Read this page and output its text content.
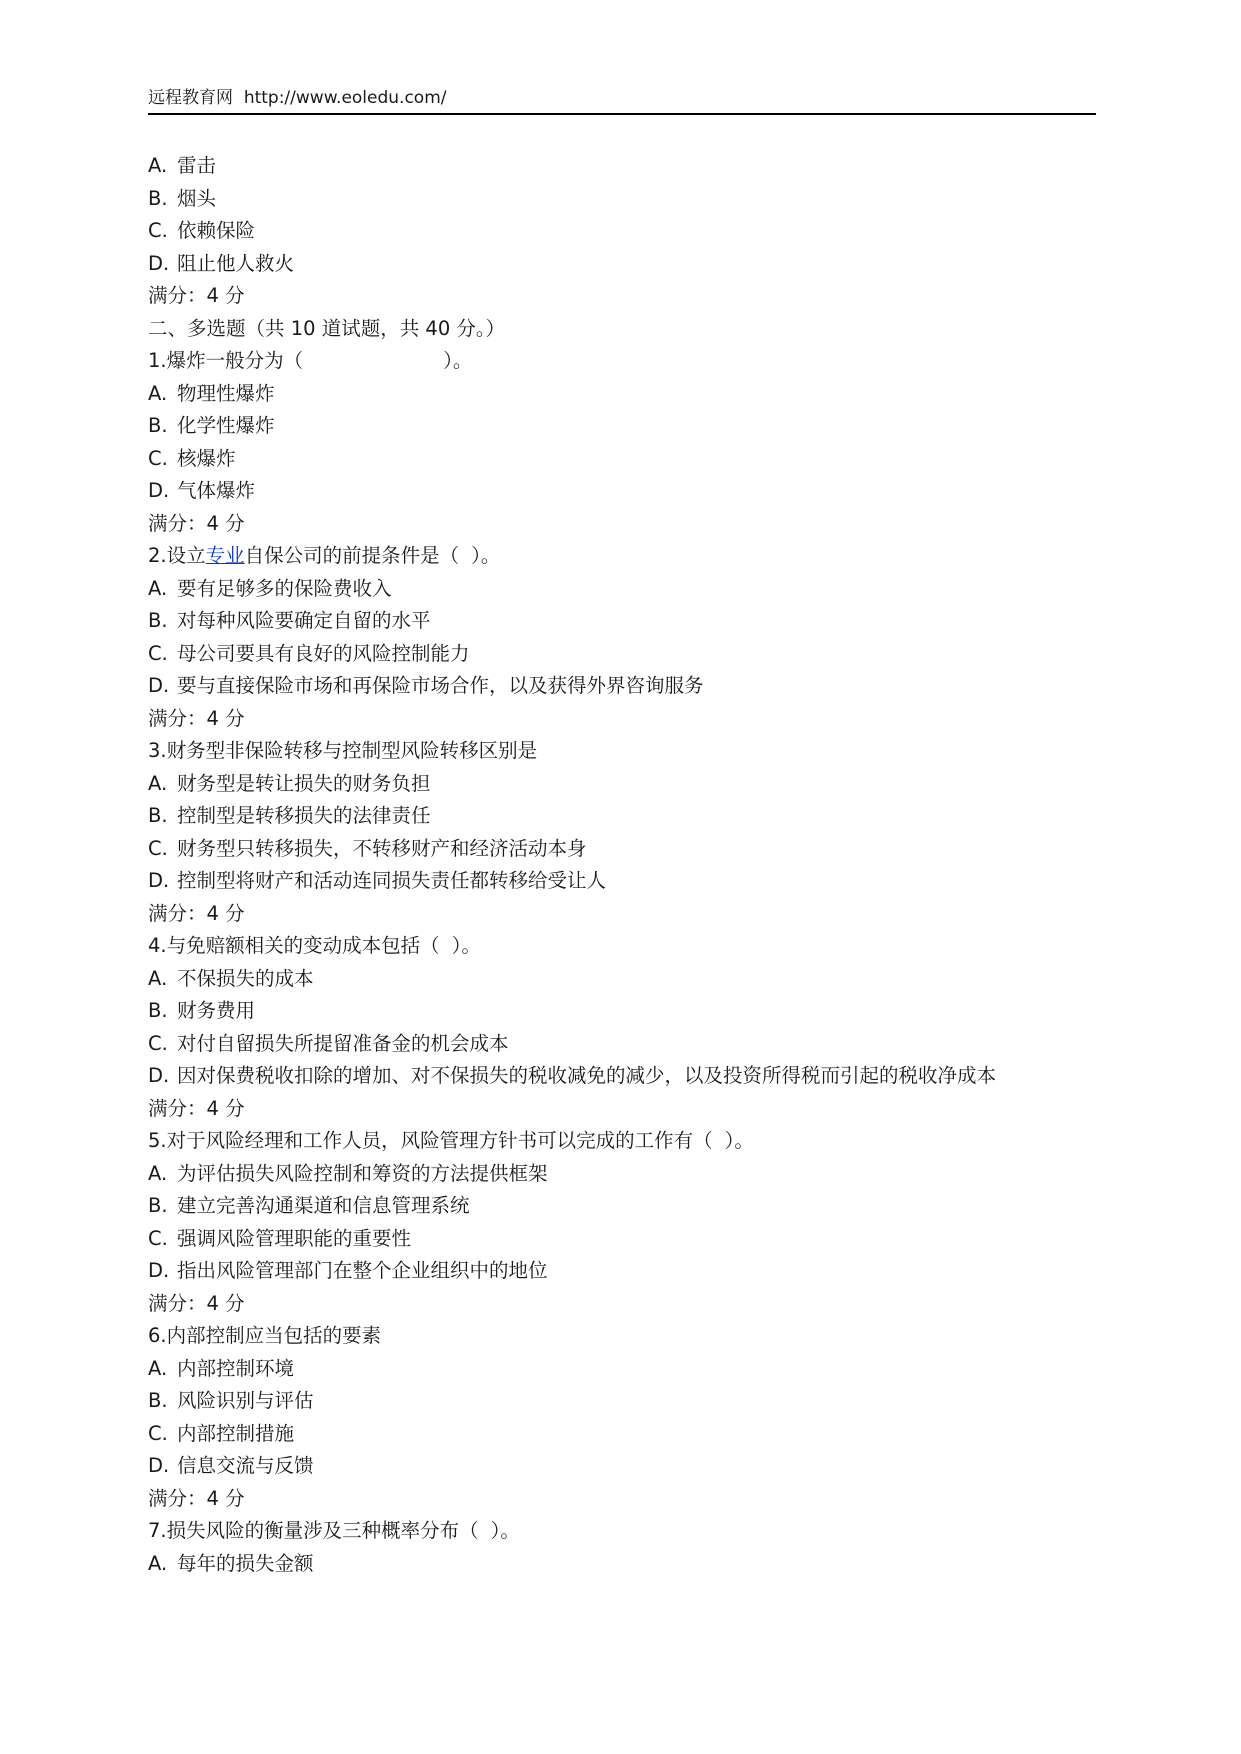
远程教育网 http://www.eoledu.com/
A. 雷击
B. 烟头
C. 依赖保险
D. 阻止他人救火
满分：4 分
二、多选题（共 10 道试题，共 40 分。）
1.爆炸一般分为（	）。
A. 物理性爆炸
B. 化学性爆炸
C. 核爆炸
D. 气体爆炸
满分：4 分
2.设立专业自保公司的前提条件是（ ）。
A. 要有足够多的保险费收入
B. 对每种风险要确定自留的水平
C. 母公司要具有良好的风险控制能力
D. 要与直接保险市场和再保险市场合作，以及获得外界咨询服务
满分：4 分
3.财务型非保险转移与控制型风险转移区别是
A. 财务型是转让损失的财务负担
B. 控制型是转移损失的法律责任
C. 财务型只转移损失，不转移财产和经济活动本身
D. 控制型将财产和活动连同损失责任都转移给受让人
满分：4 分
4.与免赔额相关的变动成本包括（ ）。
A. 不保损失的成本
B. 财务费用
C. 对付自留损失所提留准备金的机会成本
D. 因对保费税收扣除的增加、对不保损失的税收减免的减少，以及投资所得税而引起的税收净成本
满分：4 分
5.对于风险经理和工作人员，风险管理方针书可以完成的工作有（ ）。
A. 为评估损失风险控制和筹资的方法提供框架
B. 建立完善沟通渠道和信息管理系统
C. 强调风险管理职能的重要性
D. 指出风险管理部门在整个企业组织中的地位
满分：4 分
6.内部控制应当包括的要素
A. 内部控制环境
B. 风险识别与评估
C. 内部控制措施
D. 信息交流与反馈
满分：4 分
7.损失风险的衡量涉及三种概率分布（ ）。
A. 每年的损失金额
